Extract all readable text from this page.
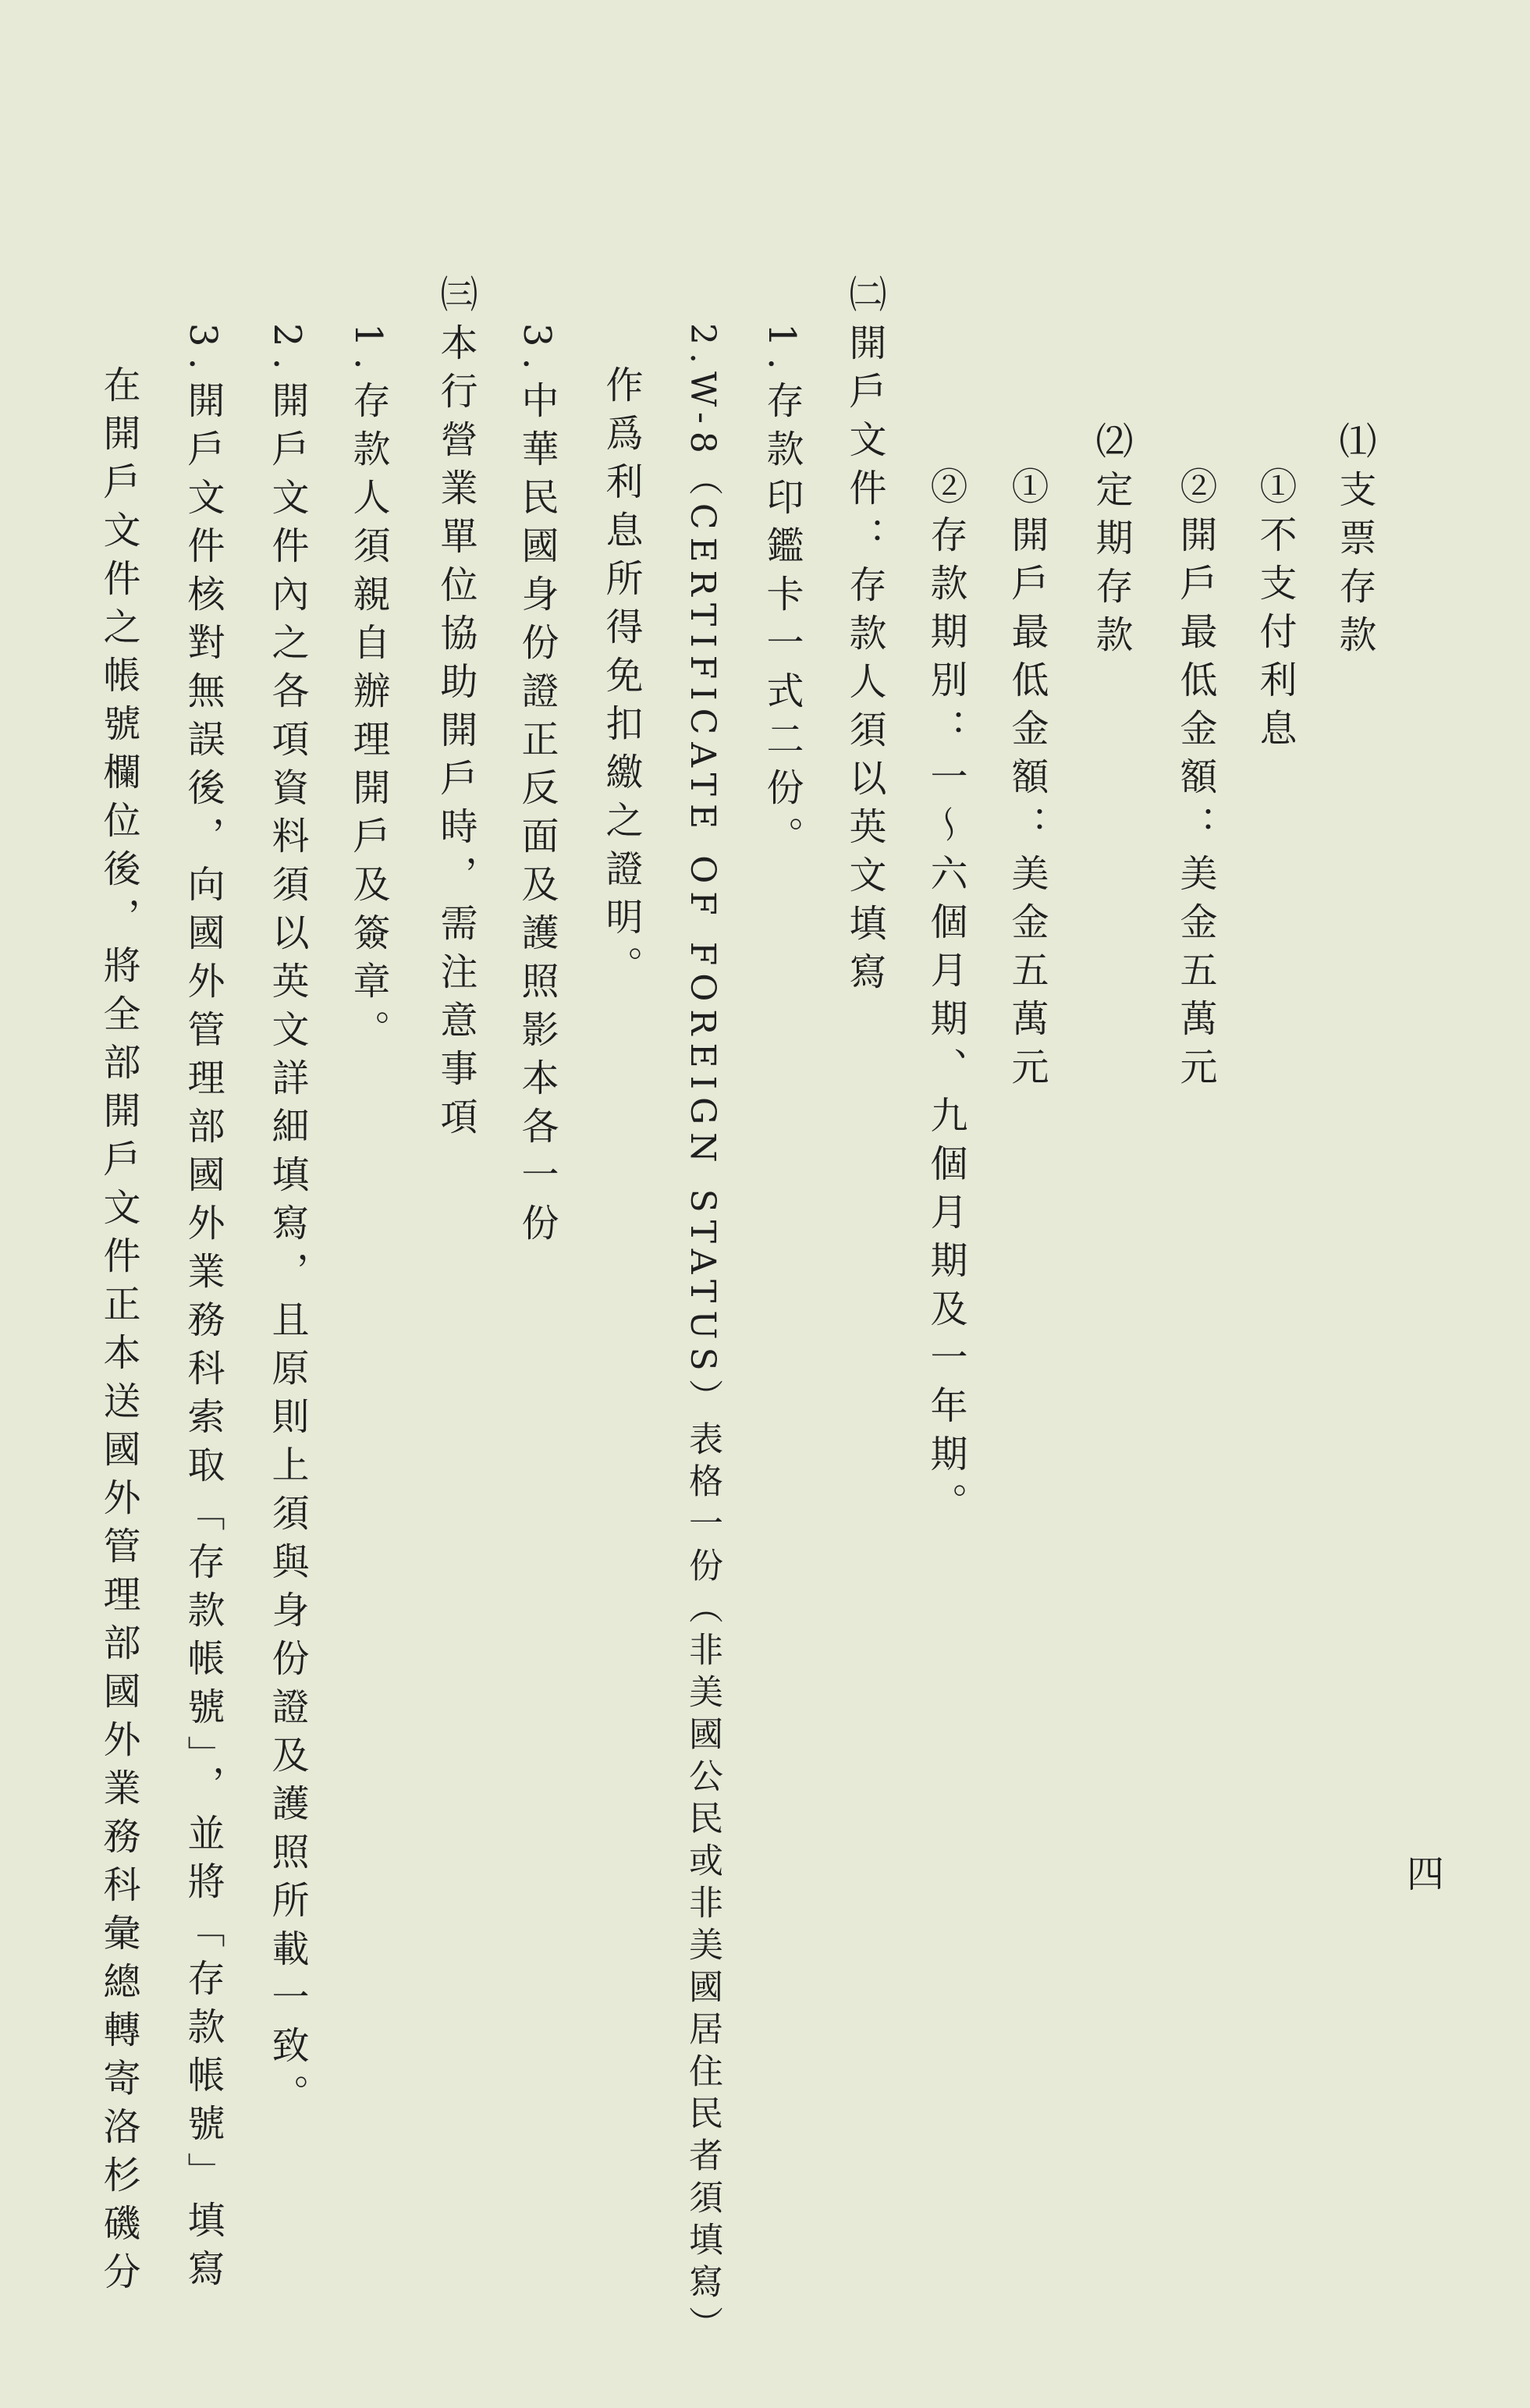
⑴支票存款
①不支付利息
②開戶最低金額：美金五萬元
⑵定期存款
①開戶最低金額：美金五萬元
②存款期別：一～六個月期、九個月期及一年期。
㈡開戶文件：存款人須以英文填寫
1.存款印鑑卡一式二份。
2.W-8（CERTIFICATE OF FOREIGN STATUS）表格一份（非美國公民或非美國居住民者須填寫）
作爲利息所得免扣繳之證明。
3.中華民國身份證正反面及護照影本各一份
㈢本行營業單位協助開戶時，需注意事項
1.存款人須親自辦理開戶及簽章。
2.開戶文件內之各項資料須以英文詳細填寫，且原則上須與身份證及護照所載一致。
3.開戶文件核對無誤後，向國外管理部國外業務科索取「存款帳號」，並將「存款帳號」填寫
在開戶文件之帳號欄位後，將全部開戶文件正本送國外管理部國外業務科彙總轉寄洛杉磯分	四
